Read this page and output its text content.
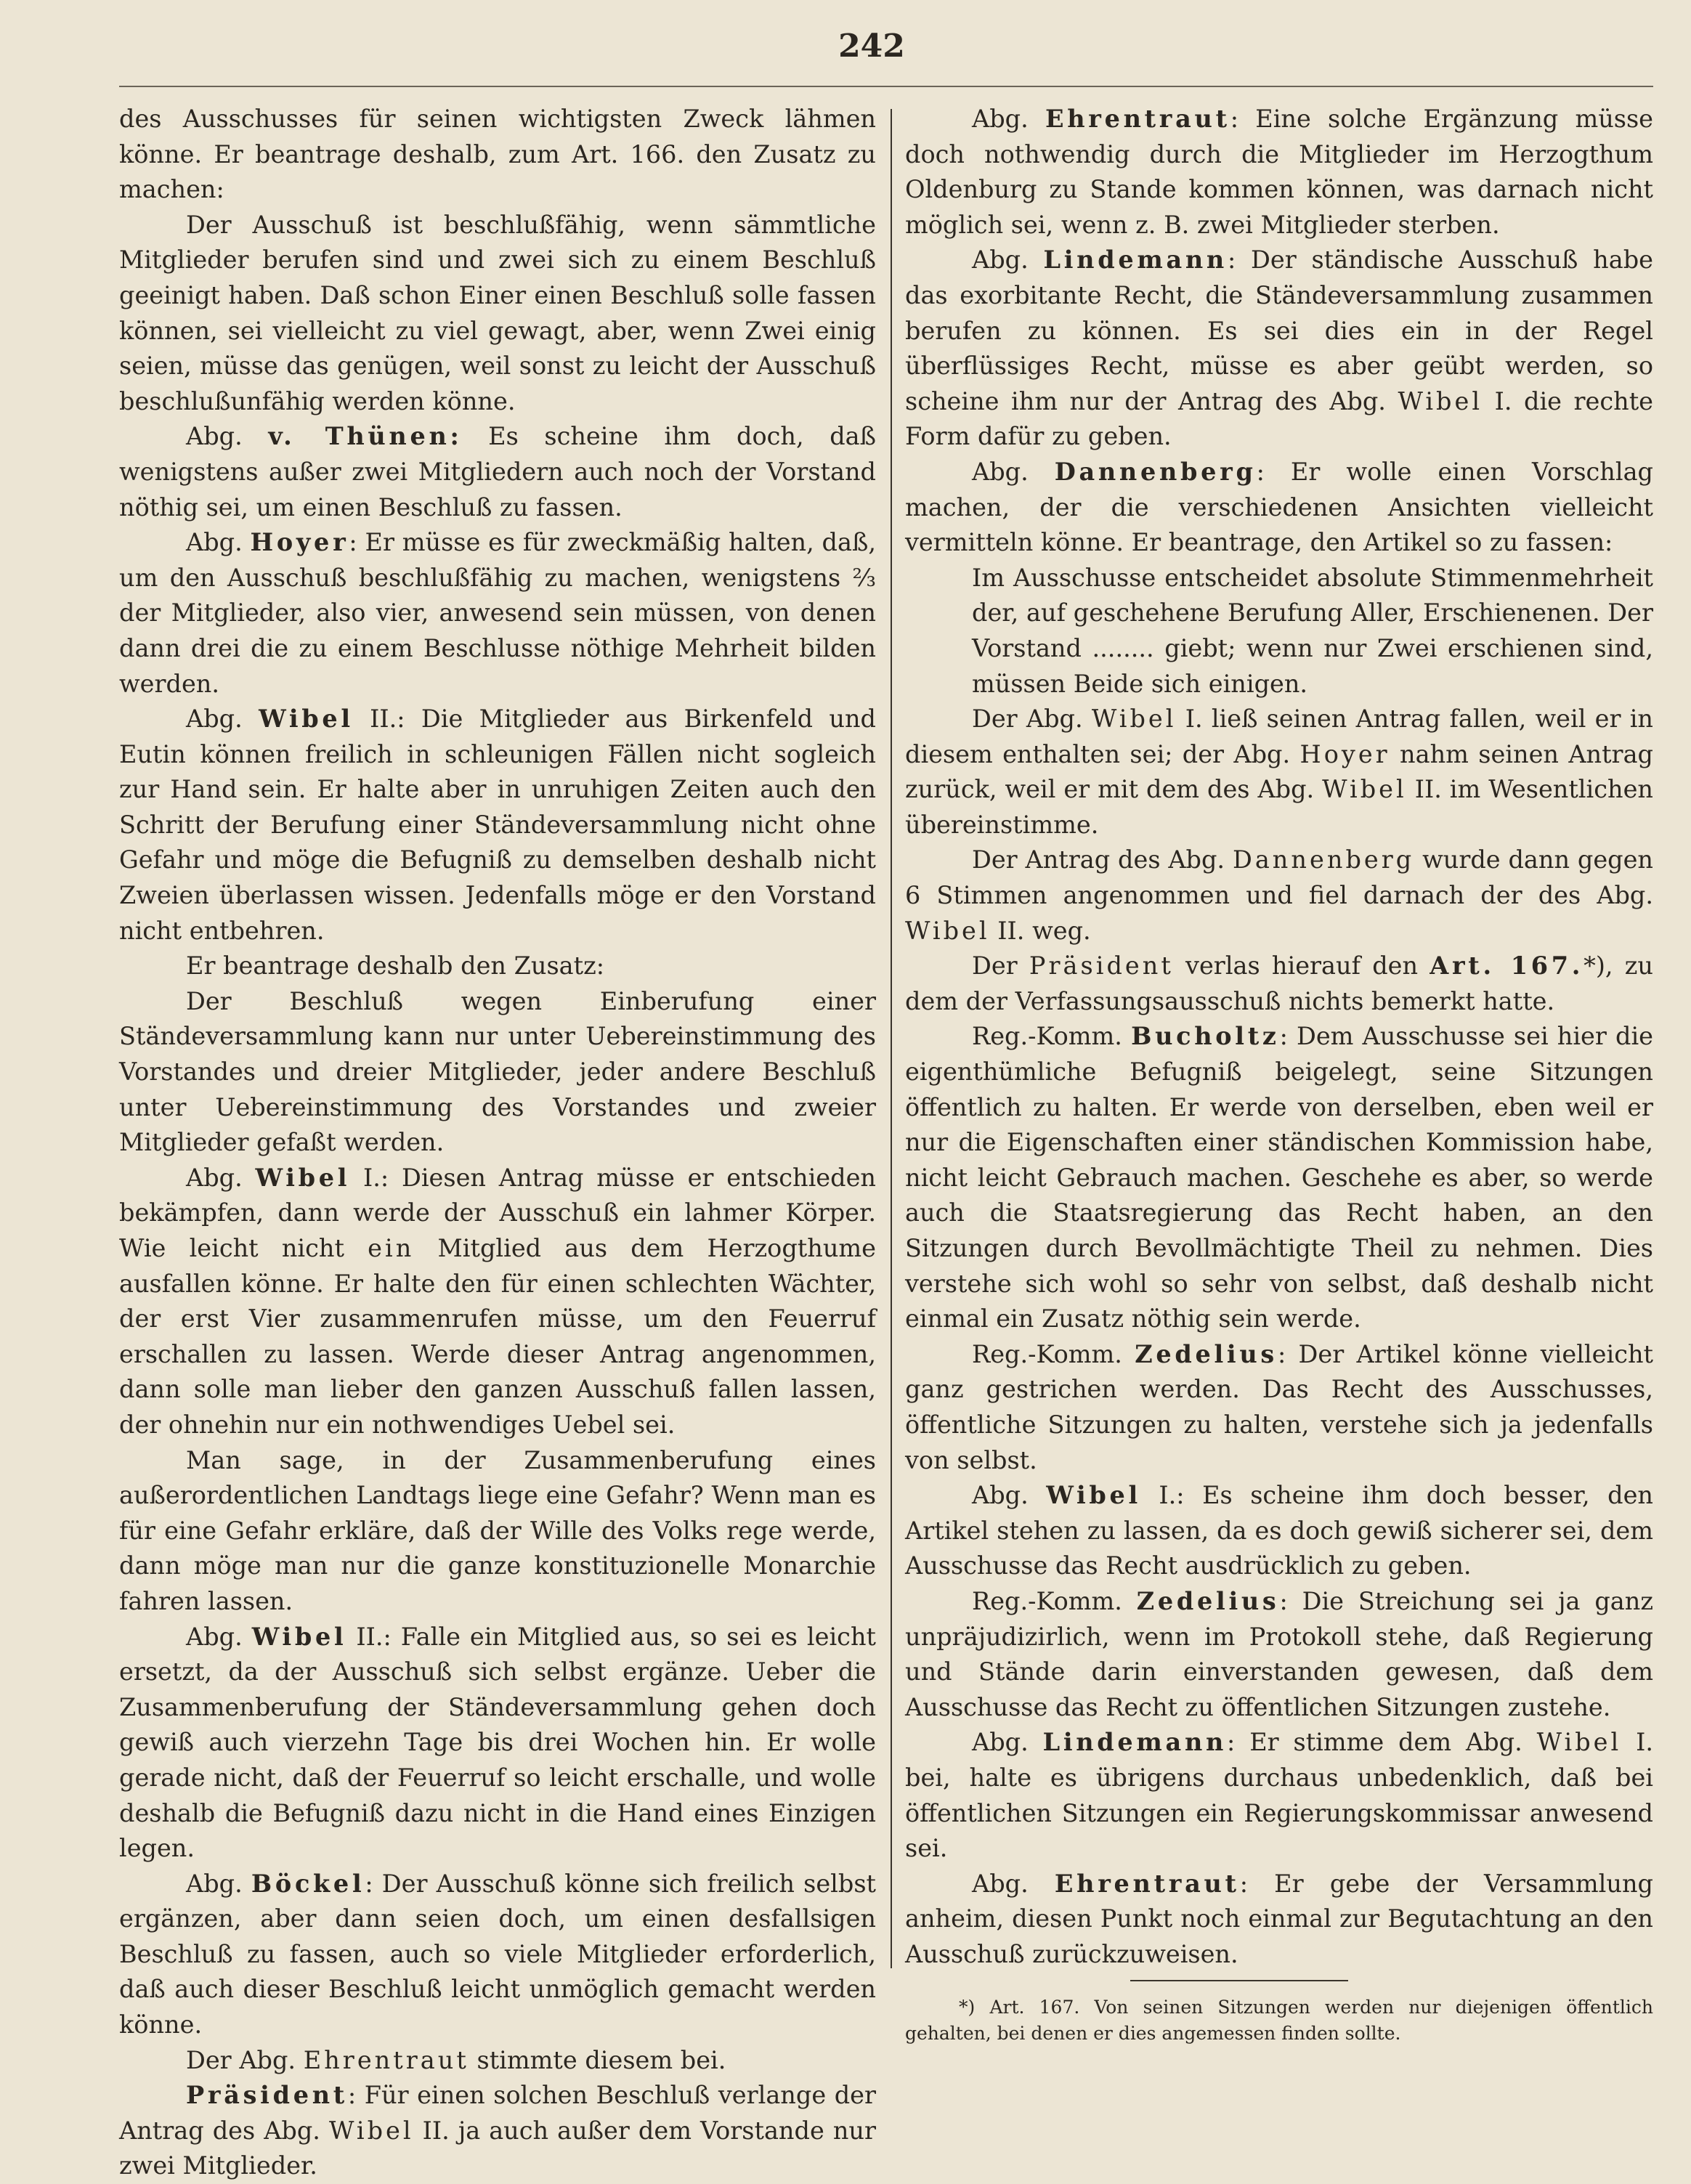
242

des Ausschusses für seinen wichtigsten Zweck lähmen könne. Er beantrage deshalb, zum Art. 166. den Zusatz zu machen:

Der Ausschuß ist beschlußfähig, wenn sämmtliche Mitglieder berufen sind und zwei sich zu einem Beschluß geeinigt haben. Daß schon Einer einen Beschluß solle fassen können, sei vielleicht zu viel gewagt, aber, wenn Zwei einig seien, müsse das genügen, weil sonst zu leicht der Ausschuß beschlußunfähig werden könne.

Abg. v. Thünen: Es scheine ihm doch, daß wenigstens außer zwei Mitgliedern auch noch der Vorstand nöthig sei, um einen Beschluß zu fassen.

Abg. Hoyer: Er müsse es für zweckmäßig halten, daß, um den Ausschuß beschlußfähig zu machen, wenigstens ⅔ der Mitglieder, also vier, anwesend sein müssen, von denen dann drei die zu einem Beschlusse nöthige Mehrheit bilden werden.

Abg. Wibel II.: Die Mitglieder aus Birkenfeld und Eutin können freilich in schleunigen Fällen nicht sogleich zur Hand sein. Er halte aber in unruhigen Zeiten auch den Schritt der Berufung einer Ständeversammlung nicht ohne Gefahr und möge die Befugniß zu demselben deshalb nicht Zweien überlassen wissen. Jedenfalls möge er den Vorstand nicht entbehren.

Er beantrage deshalb den Zusatz:

Der Beschluß wegen Einberufung einer Ständeversammlung kann nur unter Uebereinstimmung des Vorstandes und dreier Mitglieder, jeder andere Beschluß unter Uebereinstimmung des Vorstandes und zweier Mitglieder gefaßt werden.

Abg. Wibel I.: Diesen Antrag müsse er entschieden bekämpfen, dann werde der Ausschuß ein lahmer Körper. Wie leicht nicht ein Mitglied aus dem Herzogthume ausfallen könne. Er halte den für einen schlechten Wächter, der erst Vier zusammenrufen müsse, um den Feuerruf erschallen zu lassen. Werde dieser Antrag angenommen, dann solle man lieber den ganzen Ausschuß fallen lassen, der ohnehin nur ein nothwendiges Uebel sei.

Man sage, in der Zusammenberufung eines außerordentlichen Landtags liege eine Gefahr? Wenn man es für eine Gefahr erkläre, daß der Wille des Volks rege werde, dann möge man nur die ganze konstituzionelle Monarchie fahren lassen.

Abg. Wibel II.: Falle ein Mitglied aus, so sei es leicht ersetzt, da der Ausschuß sich selbst ergänze. Ueber die Zusammenberufung der Ständeversammlung gehen doch gewiß auch vierzehn Tage bis drei Wochen hin. Er wolle gerade nicht, daß der Feuerruf so leicht erschalle, und wolle deshalb die Befugniß dazu nicht in die Hand eines Einzigen legen.

Abg. Böckel: Der Ausschuß könne sich freilich selbst ergänzen, aber dann seien doch, um einen desfallsigen Beschluß zu fassen, auch so viele Mitglieder erforderlich, daß auch dieser Beschluß leicht unmöglich gemacht werden könne.

Der Abg. Ehrentraut stimmte diesem bei.

Präsident: Für einen solchen Beschluß verlange der Antrag des Abg. Wibel II. ja auch außer dem Vorstande nur zwei Mitglieder.

Abg. Ehrentraut: Eine solche Ergänzung müsse doch nothwendig durch die Mitglieder im Herzogthum Oldenburg zu Stande kommen können, was darnach nicht möglich sei, wenn z. B. zwei Mitglieder sterben.

Abg. Lindemann: Der ständische Ausschuß habe das exorbitante Recht, die Ständeversammlung zusammen berufen zu können. Es sei dies ein in der Regel überflüssiges Recht, müsse es aber geübt werden, so scheine ihm nur der Antrag des Abg. Wibel I. die rechte Form dafür zu geben.

Abg. Dannenberg: Er wolle einen Vorschlag machen, der die verschiedenen Ansichten vielleicht vermitteln könne. Er beantrage, den Artikel so zu fassen:

Im Ausschusse entscheidet absolute Stimmenmehrheit der, auf geschehene Berufung Aller, Erschienenen. Der Vorstand ........ giebt; wenn nur Zwei erschienen sind, müssen Beide sich einigen.

Der Abg. Wibel I. ließ seinen Antrag fallen, weil er in diesem enthalten sei; der Abg. Hoyer nahm seinen Antrag zurück, weil er mit dem des Abg. Wibel II. im Wesentlichen übereinstimme.

Der Antrag des Abg. Dannenberg wurde dann gegen 6 Stimmen angenommen und fiel darnach der des Abg. Wibel II. weg.

Der Präsident verlas hierauf den Art. 167.*), zu dem der Verfassungsausschuß nichts bemerkt hatte.

Reg.-Komm. Bucholtz: Dem Ausschusse sei hier die eigenthümliche Befugniß beigelegt, seine Sitzungen öffentlich zu halten. Er werde von derselben, eben weil er nur die Eigenschaften einer ständischen Kommission habe, nicht leicht Gebrauch machen. Geschehe es aber, so werde auch die Staatsregierung das Recht haben, an den Sitzungen durch Bevollmächtigte Theil zu nehmen. Dies verstehe sich wohl so sehr von selbst, daß deshalb nicht einmal ein Zusatz nöthig sein werde.

Reg.-Komm. Zedelius: Der Artikel könne vielleicht ganz gestrichen werden. Das Recht des Ausschusses, öffentliche Sitzungen zu halten, verstehe sich ja jedenfalls von selbst.

Abg. Wibel I.: Es scheine ihm doch besser, den Artikel stehen zu lassen, da es doch gewiß sicherer sei, dem Ausschusse das Recht ausdrücklich zu geben.

Reg.-Komm. Zedelius: Die Streichung sei ja ganz unpräjudizirlich, wenn im Protokoll stehe, daß Regierung und Stände darin einverstanden gewesen, daß dem Ausschusse das Recht zu öffentlichen Sitzungen zustehe.

Abg. Lindemann: Er stimme dem Abg. Wibel I. bei, halte es übrigens durchaus unbedenklich, daß bei öffentlichen Sitzungen ein Regierungskommissar anwesend sei.

Abg. Ehrentraut: Er gebe der Versammlung anheim, diesen Punkt noch einmal zur Begutachtung an den Ausschuß zurückzuweisen.

*) Art. 167. Von seinen Sitzungen werden nur diejenigen öffentlich gehalten, bei denen er dies angemessen finden sollte.
